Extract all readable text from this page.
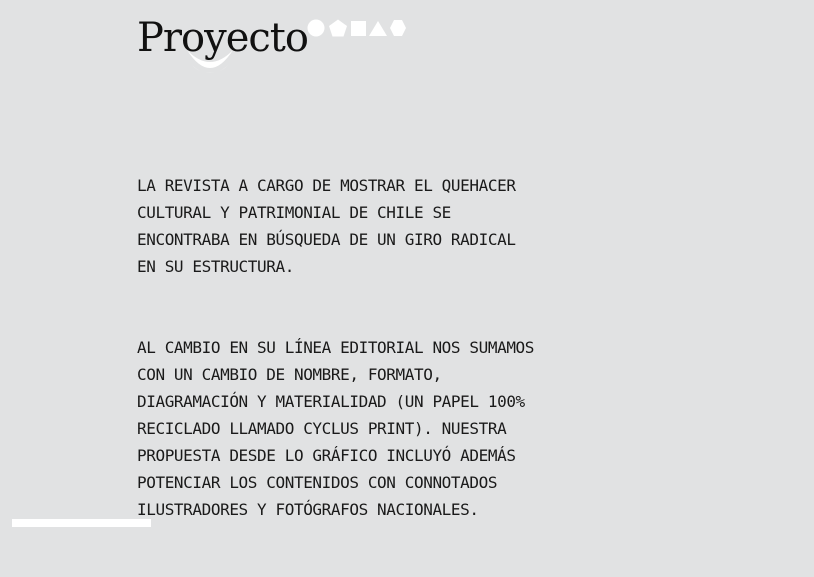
Proyecto

LA REVISTA A CARGO DE MOSTRAR EL QUEHACER
CULTURAL Y PATRIMONIAL DE CHILE SE
ENCONTRABA EN BÚSQUEDA DE UN GIRO RADICAL
EN SU ESTRUCTURA.

AL CAMBIO EN SU LÍNEA EDITORIAL NOS SUMAMOS
CON UN CAMBIO DE NOMBRE, FORMATO,
DIAGRAMACIÓN Y MATERIALIDAD (UN PAPEL 100%
RECICLADO LLAMADO CYCLUS PRINT). NUESTRA
PROPUESTA DESDE LO GRÁFICO INCLUYÓ ADEMÁS
POTENCIAR LOS CONTENIDOS CON CONNOTADOS
ILUSTRADORES Y FOTÓGRAFOS NACIONALES.
